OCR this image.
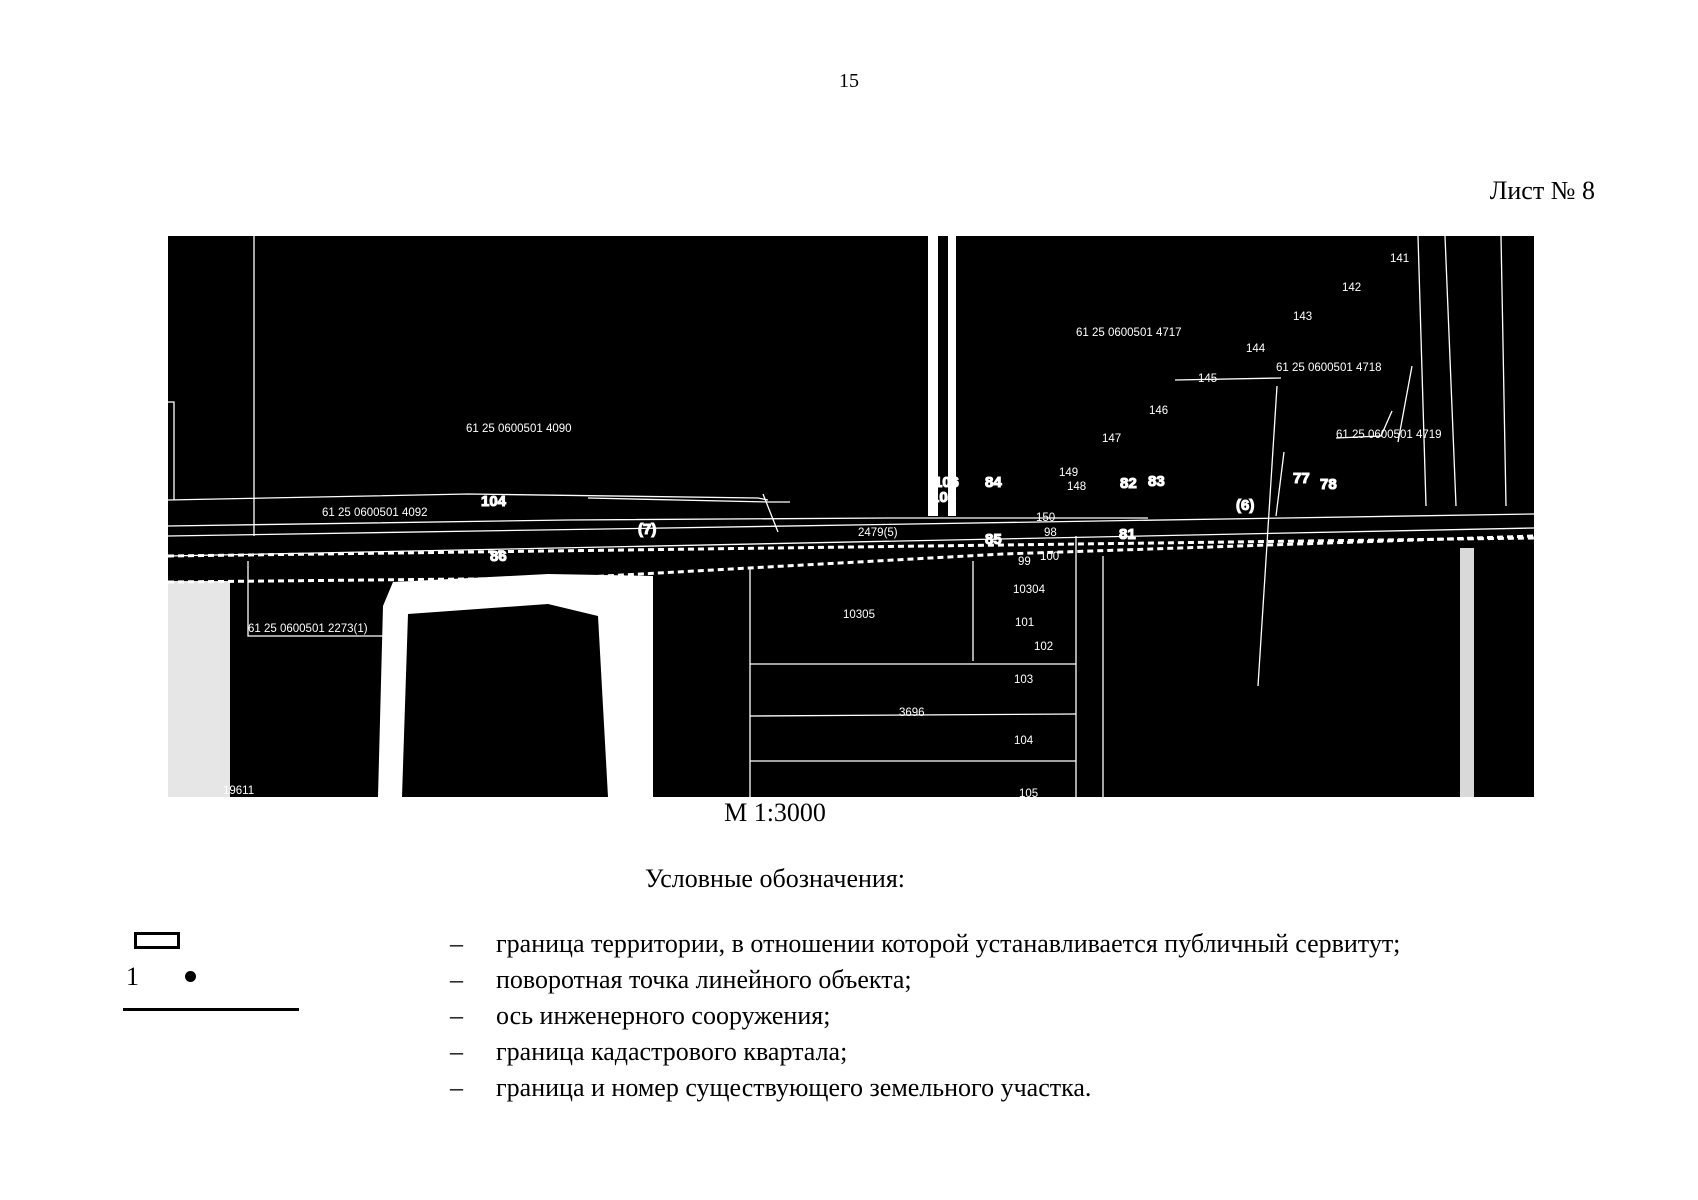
15
Лист № 8
61 25 0600501 4090
61 25 0600501 4092
61 25 0600501 4717
61 25 0600501 4718
61 25 0600501 4719
61 25 0600501 2273(1)
2479(5)
10305
3696
10304
19611
141
142
143
144
145
146
147
149
148
150
98
99 100
101
102
103
104
105
104
106
105
84	82 83	77 78
86
85	81
(7)
(6)
М 1:3000
Условные обозначения:
1
– граница территории, в отношении которой устанавливается публичный сервитут;
– поворотная точка линейного объекта;
– ось инженерного сооружения;
– граница кадастрового квартала;
– граница и номер существующего земельного участка.
